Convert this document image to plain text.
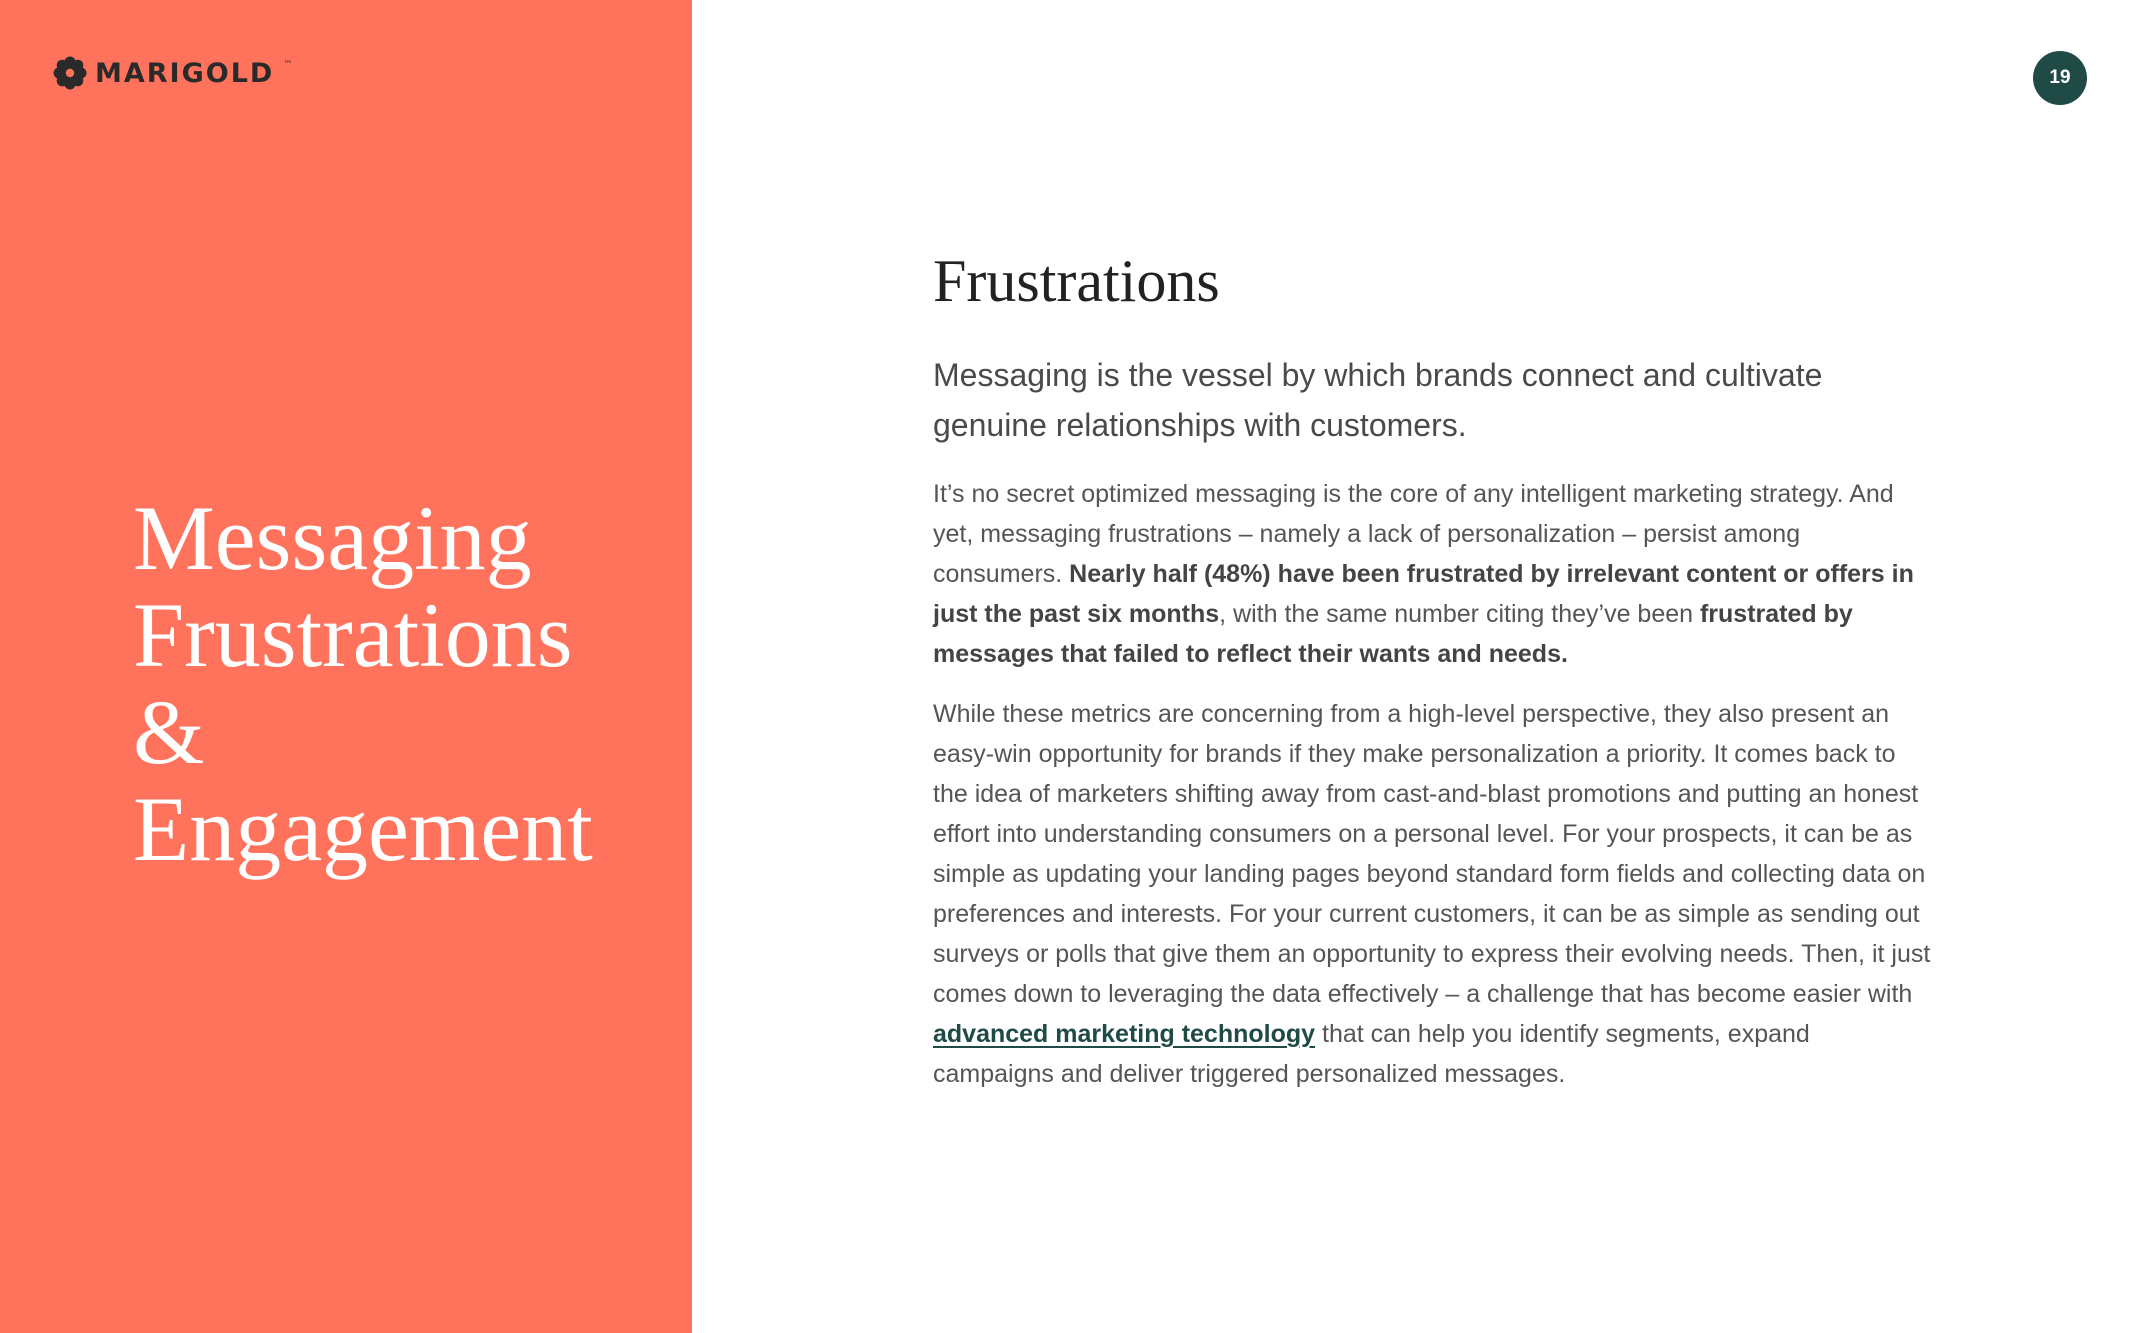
MARIGOLD ™
Messaging
Frustrations
&
Engagement
19
Frustrations

Messaging is the vessel by which brands connect and cultivate genuine relationships with customers.

It’s no secret optimized messaging is the core of any intelligent marketing strategy. And yet, messaging frustrations – namely a lack of personalization – persist among consumers. Nearly half (48%) have been frustrated by irrelevant content or offers in just the past six months, with the same number citing they’ve been frustrated by messages that failed to reflect their wants and needs.

While these metrics are concerning from a high-level perspective, they also present an easy-win opportunity for brands if they make personalization a priority. It comes back to the idea of marketers shifting away from cast-and-blast promotions and putting an honest effort into understanding consumers on a personal level. For your prospects, it can be as simple as updating your landing pages beyond standard form fields and collecting data on preferences and interests. For your current customers, it can be as simple as sending out surveys or polls that give them an opportunity to express their evolving needs. Then, it just comes down to leveraging the data effectively – a challenge that has become easier with advanced marketing technology that can help you identify segments, expand campaigns and deliver triggered personalized messages.
